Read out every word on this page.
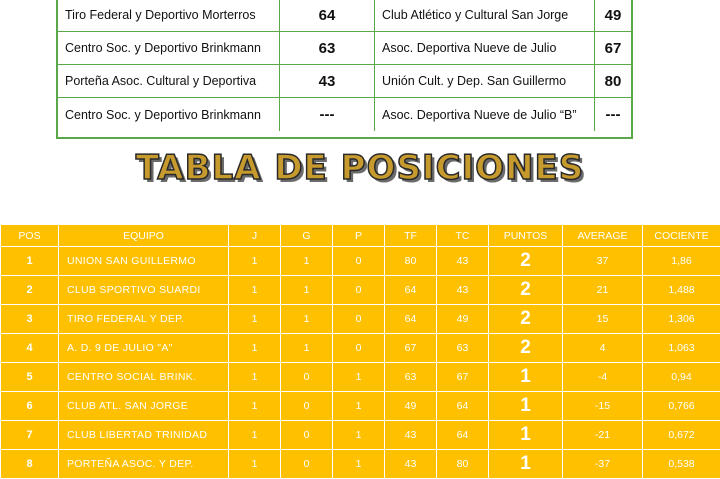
Tiro Federal y Deportivo Morterros	64	Club Atlético y Cultural San Jorge	49
Centro Soc. y Deportivo Brinkmann	63	Asoc. Deportiva Nueve de Julio	67
Porteña Asoc. Cultural y Deportiva	43	Unión Cult. y Dep. San Guillermo	80
Centro Soc. y Deportivo Brinkmann	---	Asoc. Deportiva Nueve de Julio “B”	---
TABLA DE POSICIONES
POS	EQUIPO	J	G	P	TF	TC	PUNTOS	AVERAGE	COCIENTE
1	UNION SAN GUILLERMO	1	1	0	80	43	2	37	1,86
2	CLUB SPORTIVO SUARDI	1	1	0	64	43	2	21	1,488
3	TIRO FEDERAL Y DEP.	1	1	0	64	49	2	15	1,306
4	A. D. 9 DE JULIO "A"	1	1	0	67	63	2	4	1,063
5	CENTRO SOCIAL BRINK.	1	0	1	63	67	1	-4	0,94
6	CLUB ATL. SAN JORGE	1	0	1	49	64	1	-15	0,766
7	CLUB LIBERTAD TRINIDAD	1	0	1	43	64	1	-21	0,672
8	PORTEÑA ASOC. Y DEP.	1	0	1	43	80	1	-37	0,538
